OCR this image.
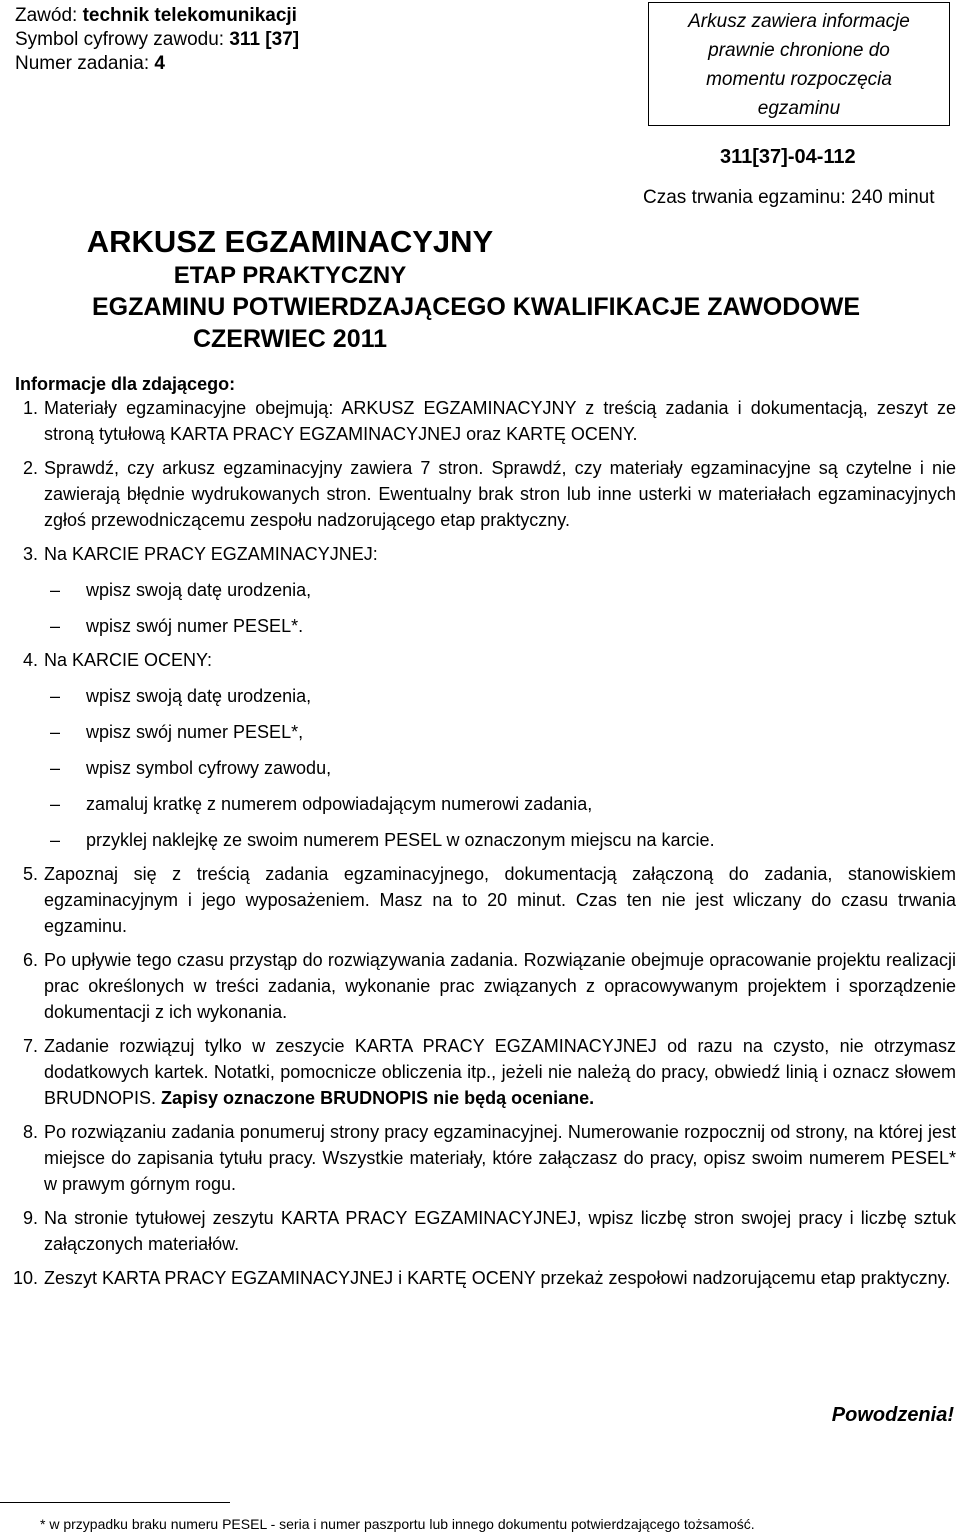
Zawód: technik telekomunikacji
Symbol cyfrowy zawodu: 311 [37]
Numer zadania: 4
Arkusz zawiera informacje
prawnie chronione do
momentu rozpoczęcia
egzaminu
311[37]-04-112
Czas trwania egzaminu: 240 minut
ARKUSZ EGZAMINACYJNY
ETAP PRAKTYCZNY
EGZAMINU POTWIERDZAJĄCEGO KWALIFIKACJE ZAWODOWE
CZERWIEC 2011
Informacje dla zdającego:
1. Materiały egzaminacyjne obejmują: ARKUSZ EGZAMINACYJNY z treścią zadania i dokumentacją, zeszyt ze stroną tytułową KARTA PRACY EGZAMINACYJNEJ oraz KARTĘ OCENY.

2. Sprawdź, czy arkusz egzaminacyjny zawiera 7 stron. Sprawdź, czy materiały egzaminacyjne są czytelne i nie zawierają błędnie wydrukowanych stron. Ewentualny brak stron lub inne usterki w materiałach egzaminacyjnych zgłoś przewodniczącemu zespołu nadzorującego etap praktyczny.

3. Na KARCIE PRACY EGZAMINACYJNEJ:

– wpisz swoją datę urodzenia,
– wpisz swój numer PESEL*.
4. Na KARCIE OCENY:

– wpisz swoją datę urodzenia,
– wpisz swój numer PESEL*,
– wpisz symbol cyfrowy zawodu,
– zamaluj kratkę z numerem odpowiadającym numerowi zadania,
– przyklej naklejkę ze swoim numerem PESEL w oznaczonym miejscu na karcie.
5. Zapoznaj się z treścią zadania egzaminacyjnego, dokumentacją załączoną do zadania, stanowiskiem egzaminacyjnym i jego wyposażeniem. Masz na to 20 minut. Czas ten nie jest wliczany do czasu trwania egzaminu.

6. Po upływie tego czasu przystąp do rozwiązywania zadania. Rozwiązanie obejmuje opracowanie projektu realizacji prac określonych w treści zadania, wykonanie prac związanych z opracowywanym projektem i sporządzenie dokumentacji z ich wykonania.

7. Zadanie rozwiązuj tylko w zeszycie KARTA PRACY EGZAMINACYJNEJ od razu na czysto, nie otrzymasz dodatkowych kartek. Notatki, pomocnicze obliczenia itp., jeżeli nie należą do pracy, obwiedź linią i oznacz słowem BRUDNOPIS. Zapisy oznaczone BRUDNOPIS nie będą oceniane.

8. Po rozwiązaniu zadania ponumeruj strony pracy egzaminacyjnej. Numerowanie rozpocznij od strony, na której jest miejsce do zapisania tytułu pracy. Wszystkie materiały, które załączasz do pracy, opisz swoim numerem PESEL* w prawym górnym rogu.

9. Na stronie tytułowej zeszytu KARTA PRACY EGZAMINACYJNEJ, wpisz liczbę stron swojej pracy i liczbę sztuk załączonych materiałów.

10. Zeszyt KARTA PRACY EGZAMINACYJNEJ i KARTĘ OCENY przekaż zespołowi nadzorującemu etap praktyczny.

Powodzenia!
* w przypadku braku numeru PESEL - seria i numer paszportu lub innego dokumentu potwierdzającego tożsamość.
